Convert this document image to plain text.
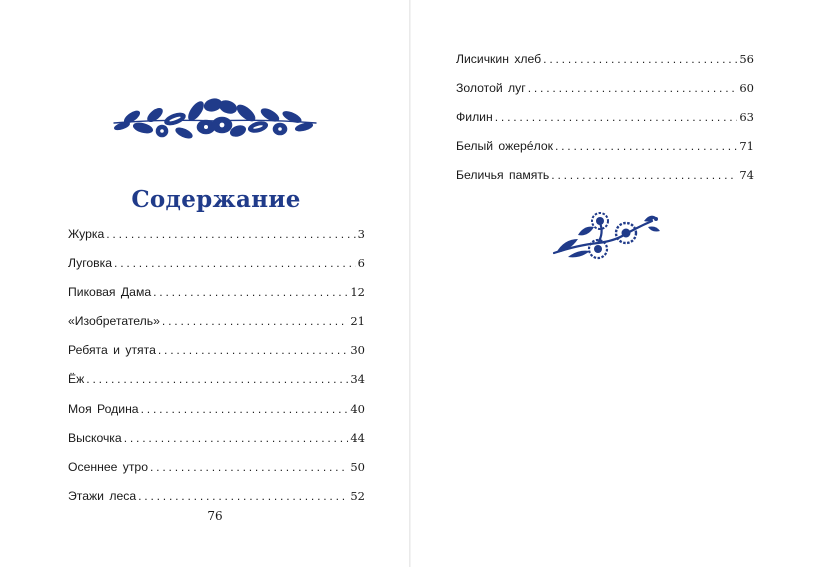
Содержание
Журка . . .	3
Луговка . . .	6
Пиковая Дама . . .	12
«Изобретатель» . . .	21
Ребята и утята . . .	30
Ёж . . .	34
Моя Родина . . .	40
Выскочка . . .	44
Осеннее утро . . .	50
Этажи леса . . .	52
76
Лисичкин хлеб . . .	56
Золотой луг . . .	60
Филин . . .	63
Белый ожерéлок . . .	71
Беличья память . . .	74
